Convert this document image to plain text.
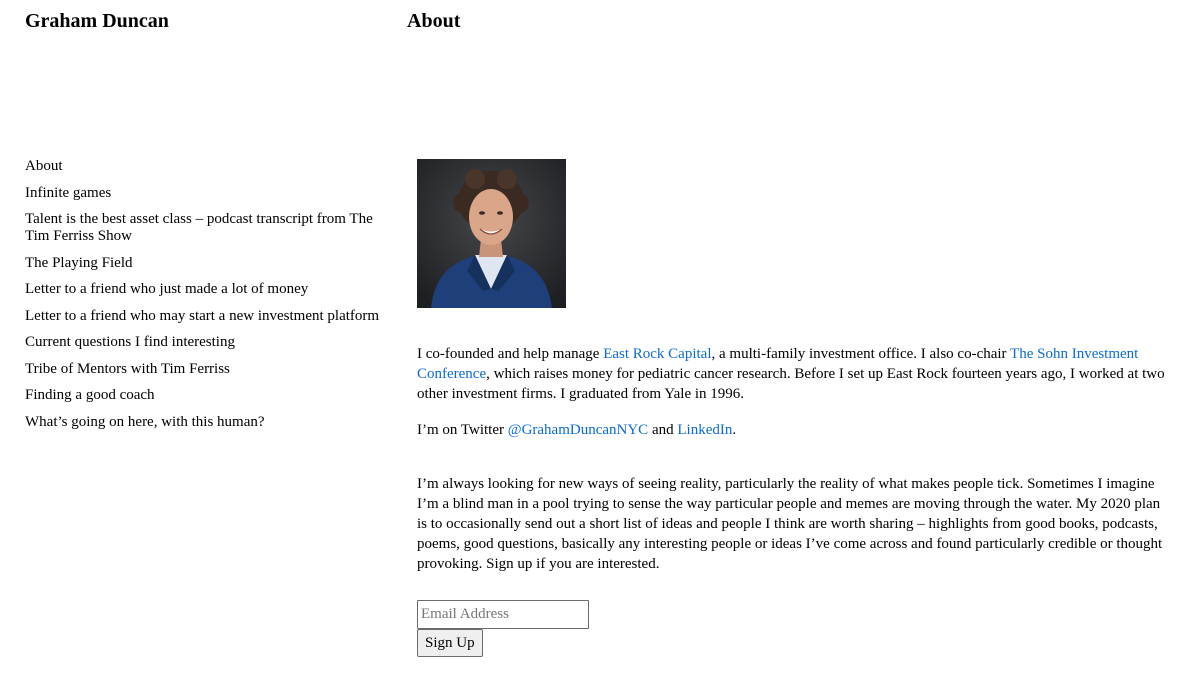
Graham Duncan	About
About
Infinite games
Talent is the best asset class – podcast transcript from The Tim Ferriss Show
The Playing Field
Letter to a friend who just made a lot of money
Letter to a friend who may start a new investment platform
Current questions I find interesting
Tribe of Mentors with Tim Ferriss
Finding a good coach
What’s going on here, with this human?

I co-founded and help manage East Rock Capital, a multi-family investment office. I also co-chair The Sohn Investment Conference, which raises money for pediatric cancer research. Before I set up East Rock fourteen years ago, I worked at two other investment firms. I graduated from Yale in 1996.

I’m on Twitter @GrahamDuncanNYC and LinkedIn.

I’m always looking for new ways of seeing reality, particularly the reality of what makes people tick. Sometimes I imagine I’m a blind man in a pool trying to sense the way particular people and memes are moving through the water. My 2020 plan is to occasionally send out a short list of ideas and people I think are worth sharing – highlights from good books, podcasts, poems, good questions, basically any interesting people or ideas I’ve come across and found particularly credible or thought provoking. Sign up if you are interested.

Email Address
Sign Up
